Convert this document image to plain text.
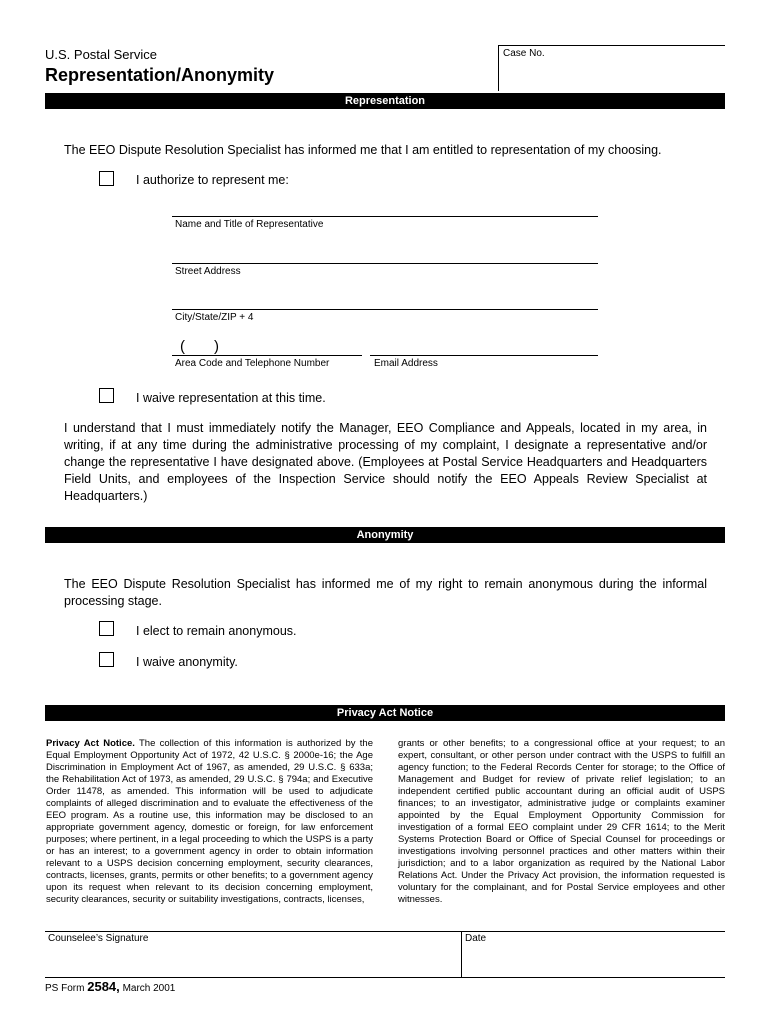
U.S. Postal Service
Representation/Anonymity
Case No.
Representation
The EEO Dispute Resolution Specialist has informed me that I am entitled to representation of my choosing.
I authorize to represent me:
Name and Title of Representative
Street Address
City/State/ZIP + 4
( )
Area Code and Telephone Number	Email Address
I waive representation at this time.
I understand that I must immediately notify the Manager, EEO Compliance and Appeals, located in my area, in writing, if at any time during the administrative processing of my complaint, I designate a representative and/or change the representative I have designated above. (Employees at Postal Service Headquarters and Headquarters Field Units, and employees of the Inspection Service should notify the EEO Appeals Review Specialist at Headquarters.)
Anonymity
The EEO Dispute Resolution Specialist has informed me of my right to remain anonymous during the informal processing stage.
I elect to remain anonymous.
I waive anonymity.
Privacy Act Notice
Privacy Act Notice. The collection of this information is authorized by the Equal Employment Opportunity Act of 1972, 42 U.S.C. § 2000e-16; the Age Discrimination in Employment Act of 1967, as amended, 29 U.S.C. § 633a; the Rehabilitation Act of 1973, as amended, 29 U.S.C. § 794a; and Executive Order 11478, as amended. This information will be used to adjudicate complaints of alleged discrimination and to evaluate the effectiveness of the EEO program. As a routine use, this information may be disclosed to an appropriate government agency, domestic or foreign, for law enforcement purposes; where pertinent, in a legal proceeding to which the USPS is a party or has an interest; to a government agency in order to obtain information relevant to a USPS decision concerning employment, security clearances, contracts, licenses, grants, permits or other benefits; to a government agency upon its request when relevant to its decision concerning employment, security clearances, security or suitability investigations, contracts, licenses,
grants or other benefits; to a congressional office at your request; to an expert, consultant, or other person under contract with the USPS to fulfill an agency function; to the Federal Records Center for storage; to the Office of Management and Budget for review of private relief legislation; to an independent certified public accountant during an official audit of USPS finances; to an investigator, administrative judge or complaints examiner appointed by the Equal Employment Opportunity Commission for investigation of a formal EEO complaint under 29 CFR 1614; to the Merit Systems Protection Board or Office of Special Counsel for proceedings or investigations involving personnel practices and other matters within their jurisdiction; and to a labor organization as required by the National Labor Relations Act. Under the Privacy Act provision, the information requested is voluntary for the complainant, and for Postal Service employees and other witnesses.
Counselee’s Signature	Date
PS Form 2584, March 2001
